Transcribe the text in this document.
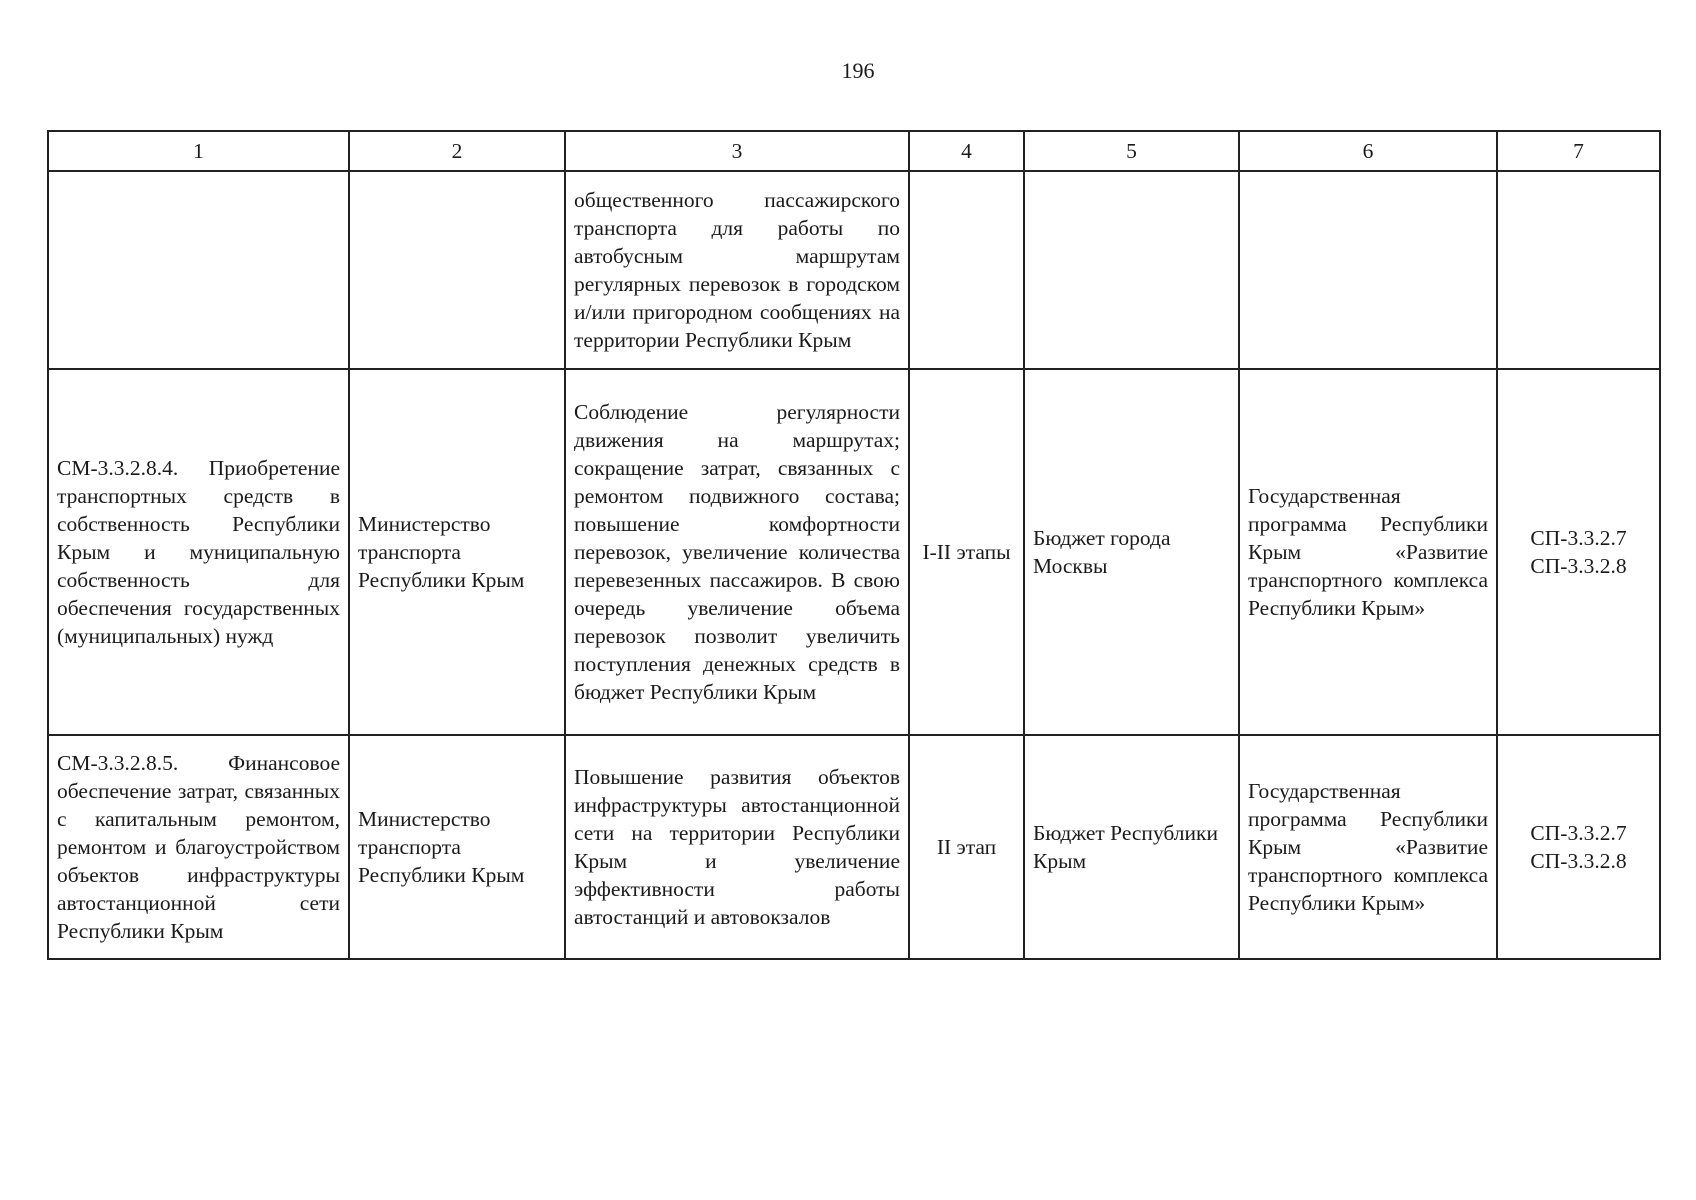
196
1	2	3	4	5	6	7
		общественного пассажирского транспорта для работы по автобусным маршрутам регулярных перевозок в городском и/или пригородном сообщениях на территории Республики Крым				

СМ-3.3.2.8.4. Приобретение транспортных средств в собственность Республики Крым и муниципальную собственность для обеспечения государственных (муниципальных) нужд	Министерство транспорта Республики Крым	Соблюдение регулярности движения на маршрутах; сокращение затрат, связанных с ремонтом подвижного состава; повышение комфортности перевозок, увеличение количества перевезенных пассажиров. В свою очередь увеличение объема перевозок позволит увеличить поступления денежных средств в бюджет Республики Крым	I-II этапы	Бюджет города Москвы	Государственная программа Республики Крым «Развитие транспортного комплекса Республики Крым»	СП-3.3.2.7
СП-3.3.2.8

СМ-3.3.2.8.5. Финансовое обеспечение затрат, связанных с капитальным ремонтом, ремонтом и благоустройством объектов инфраструктуры автостанционной сети Республики Крым	Министерство транспорта Республики Крым	Повышение развития объектов инфраструктуры автостанционной сети на территории Республики Крым и увеличение эффективности работы автостанций и автовокзалов	II этап	Бюджет Республики Крым	Государственная программа Республики Крым «Развитие транспортного комплекса Республики Крым»	СП-3.3.2.7
СП-3.3.2.8
